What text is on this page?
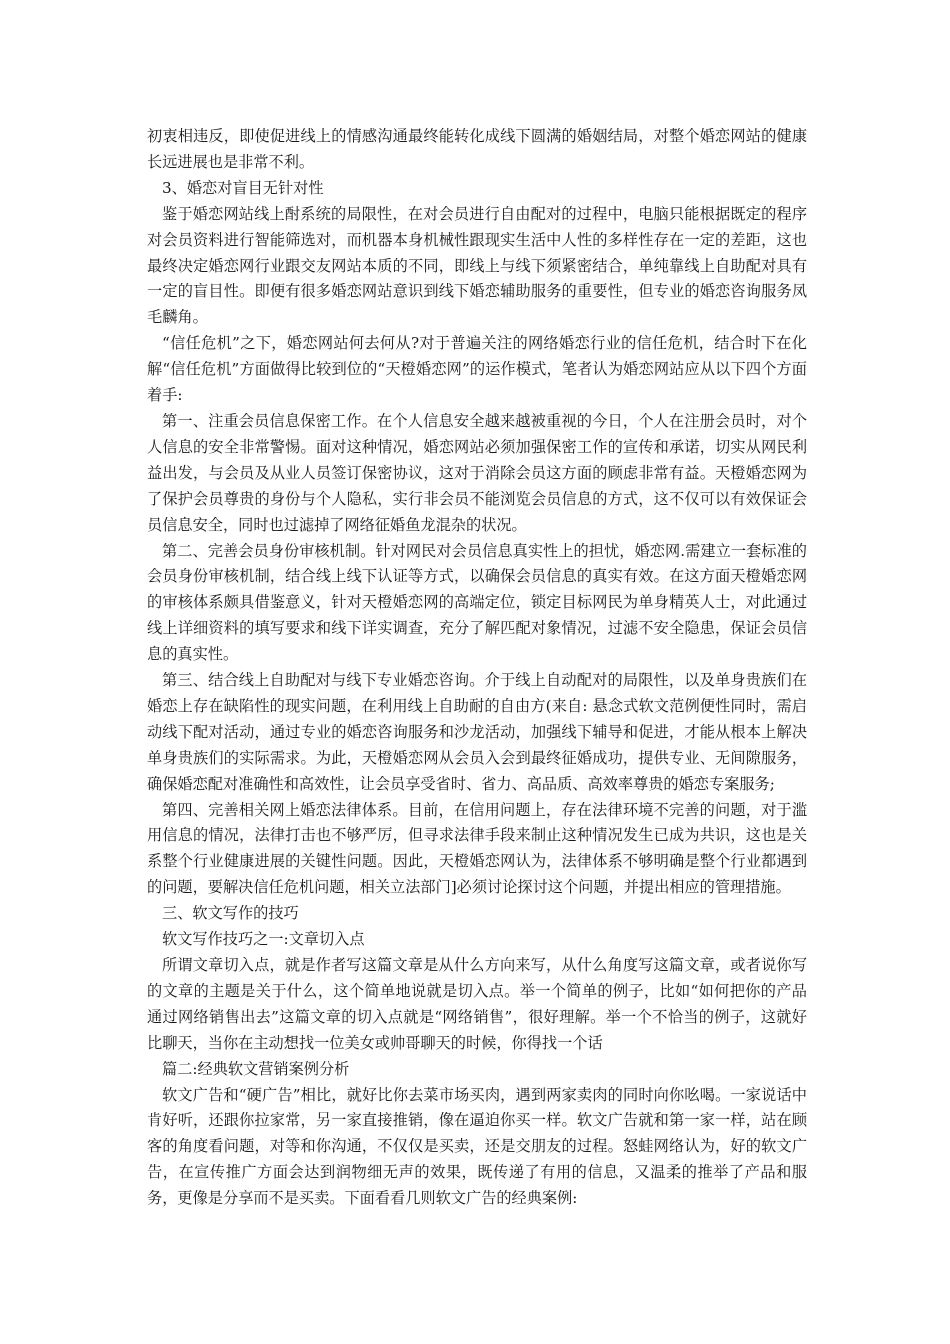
初衷相违反，即使促进线上的情感沟通最终能转化成线下圆满的婚姻结局，对整个婚恋网站的健康长远进展也是非常不利。

3、婚恋对盲目无针对性

鉴于婚恋网站线上酎系统的局限性，在对会员进行自由配对的过程中，电脑只能根据既定的程序对会员资料进行智能筛选对，而机器本身机械性跟现实生活中人性的多样性存在一定的差距，这也最终决定婚恋网行业跟交友网站本质的不同，即线上与线下须紧密结合，单纯靠线上自助配对具有一定的盲目性。即便有很多婚恋网站意识到线下婚恋辅助服务的重要性，但专业的婚恋咨询服务凤毛麟角。

“信任危机”之下，婚恋网站何去何从?对于普遍关注的网络婚恋行业的信任危机，结合时下在化解“信任危机”方面做得比较到位的“天橙婚恋网”的运作模式，笔者认为婚恋网站应从以下四个方面着手:

第一、注重会员信息保密工作。在个人信息安全越来越被重视的今日，个人在注册会员时，对个人信息的安全非常警惕。面对这种情况，婚恋网站必须加强保密工作的宣传和承诺，切实从网民利益出发，与会员及从业人员签订保密协议，这对于消除会员这方面的顾虑非常有益。天橙婚恋网为了保护会员尊贵的身份与个人隐私，实行非会员不能浏览会员信息的方式，这不仅可以有效保证会员信息安全，同时也过滤掉了网络征婚鱼龙混杂的状况。

第二、完善会员身份审核机制。针对网民对会员信息真实性上的担忧，婚恋网.需建立一套标准的会员身份审核机制，结合线上线下认证等方式，以确保会员信息的真实有效。在这方面天橙婚恋网的审核体系颇具借鉴意义，针对天橙婚恋网的高端定位，锁定目标网民为单身精英人士，对此通过线上详细资料的填写要求和线下详实调查，充分了解匹配对象情况，过滤不安全隐患，保证会员信息的真实性。

第三、结合线上自助配对与线下专业婚恋咨询。介于线上自动配对的局限性，以及单身贵族们在婚恋上存在缺陷性的现实问题，在利用线上自助耐的自由方(来自: 悬念式软文范例便性同时，需启动线下配对活动，通过专业的婚恋咨询服务和沙龙活动，加强线下辅导和促进，才能从根本上解决单身贵族们的实际需求。为此，天橙婚恋网从会员入会到最终征婚成功，提供专业、无间隙服务，确保婚恋配对准确性和高效性，让会员享受省时、省力、高品质、高效率尊贵的婚恋专案服务;

第四、完善相关网上婚恋法律体系。目前，在信用问题上，存在法律环境不完善的问题，对于滥用信息的情况，法律打击也不够严厉，但寻求法律手段来制止这种情况发生已成为共识，这也是关系整个行业健康进展的关键性问题。因此，天橙婚恋网认为，法律体系不够明确是整个行业都遇到的问题，要解决信任危机问题，相关立法部门]必须讨论探讨这个问题，并提出相应的管理措施。

三、软文写作的技巧

软文写作技巧之一:文章切入点

所谓文章切入点，就是作者写这篇文章是从什么方向来写，从什么角度写这篇文章，或者说你写的文章的主题是关于什么，这个简单地说就是切入点。举一个简单的例子，比如“如何把你的产品通过网络销售出去”这篇文章的切入点就是“网络销售”，很好理解。举一个不恰当的例子，这就好比聊天，当你在主动想找一位美女或帅哥聊天的时候，你得找一个话

篇二:经典软文营销案例分析

软文广告和“硬广告”相比，就好比你去菜市场买肉，遇到两家卖肉的同时向你吆喝。一家说话中肯好听，还跟你拉家常，另一家直接推销，像在逼迫你买一样。软文广告就和第一家一样，站在顾客的角度看问题，对等和你沟通，不仅仅是买卖，还是交朋友的过程。怒蛙网络认为，好的软文广告，在宣传推广方面会达到润物细无声的效果，既传递了有用的信息，又温柔的推举了产品和服务，更像是分享而不是买卖。下面看看几则软文广告的经典案例:
